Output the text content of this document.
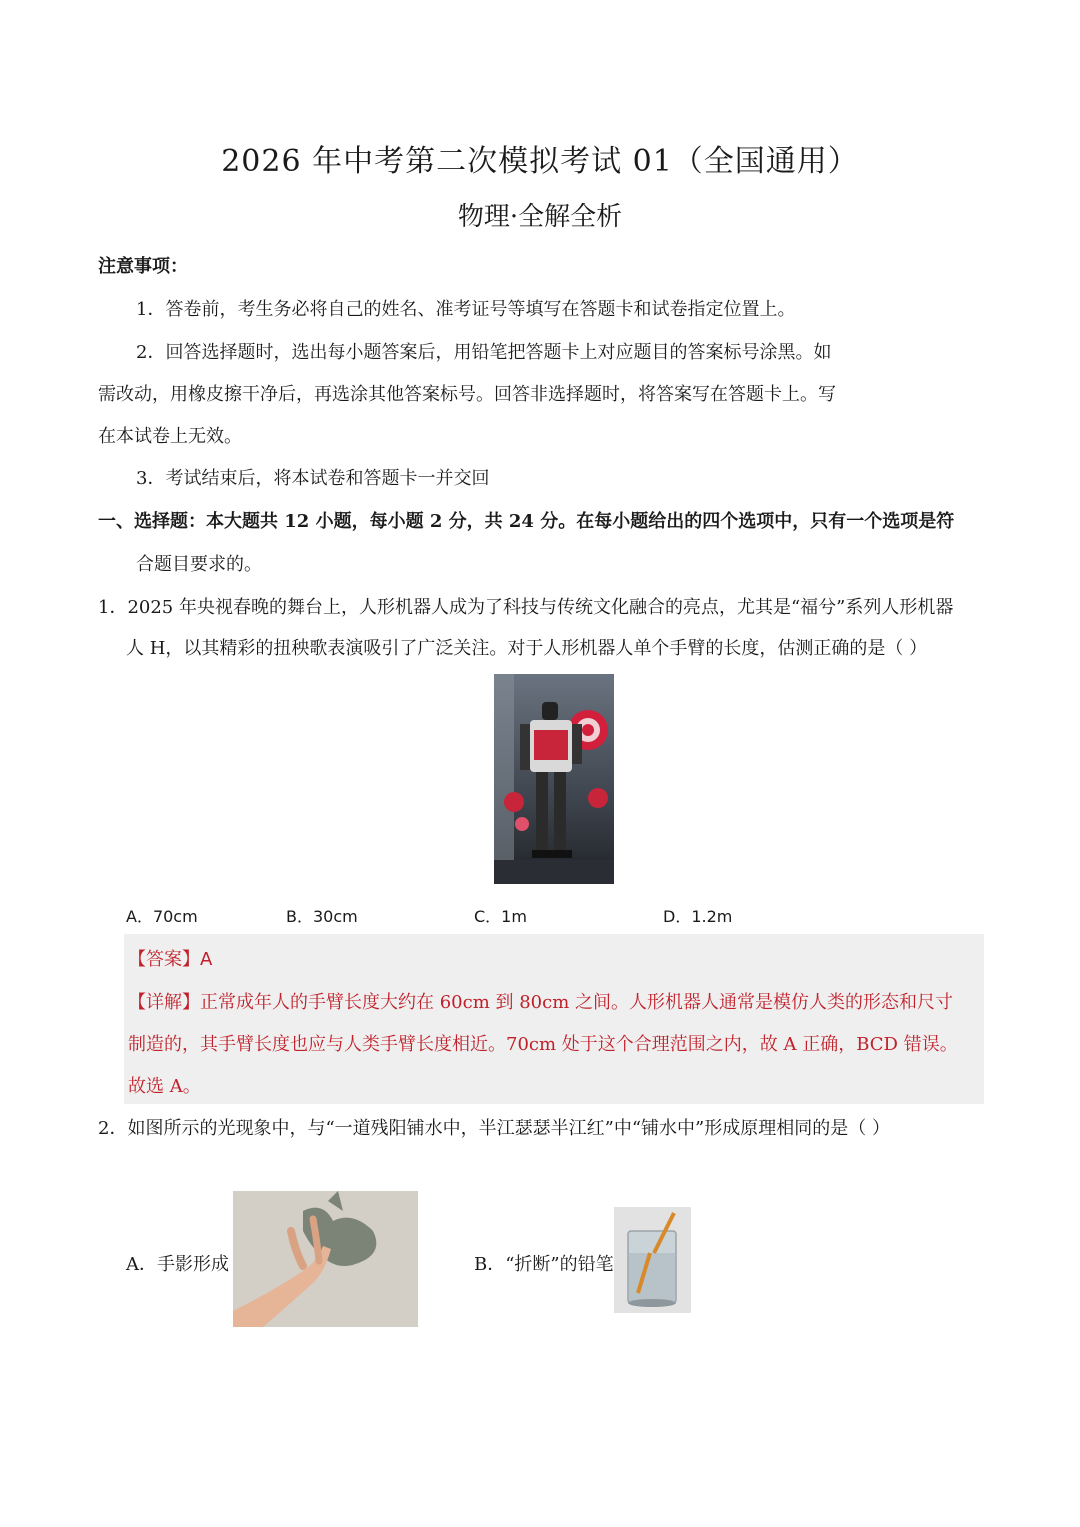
2026 年中考第二次模拟考试 01（全国通用）
物理·全解全析
注意事项：
1．答卷前，考生务必将自己的姓名、准考证号等填写在答题卡和试卷指定位置上。
2．回答选择题时，选出每小题答案后，用铅笔把答题卡上对应题目的答案标号涂黑。如
需改动，用橡皮擦干净后，再选涂其他答案标号。回答非选择题时，将答案写在答题卡上。写
在本试卷上无效。
3．考试结束后，将本试卷和答题卡一并交回
一、选择题：本大题共 12 小题，每小题 2 分，共 24 分。在每小题给出的四个选项中，只有一个选项是符
合题目要求的。
1．2025 年央视春晚的舞台上，人形机器人成为了科技与传统文化融合的亮点，尤其是“福兮”系列人形机器
人 H，以其精彩的扭秧歌表演吸引了广泛关注。对于人形机器人单个手臂的长度，估测正确的是（ ）
A．70cm	B．30cm	C．1m	D．1.2m
【答案】A
【详解】正常成年人的手臂长度大约在 60cm 到 80cm 之间。人形机器人通常是模仿人类的形态和尺寸
制造的，其手臂长度也应与人类手臂长度相近。70cm 处于这个合理范围之内，故 A 正确，BCD 错误。
故选 A。
2．如图所示的光现象中，与“一道残阳铺水中，半江瑟瑟半江红”中“铺水中”形成原理相同的是（ ）
A．手影形成	B．“折断”的铅笔
